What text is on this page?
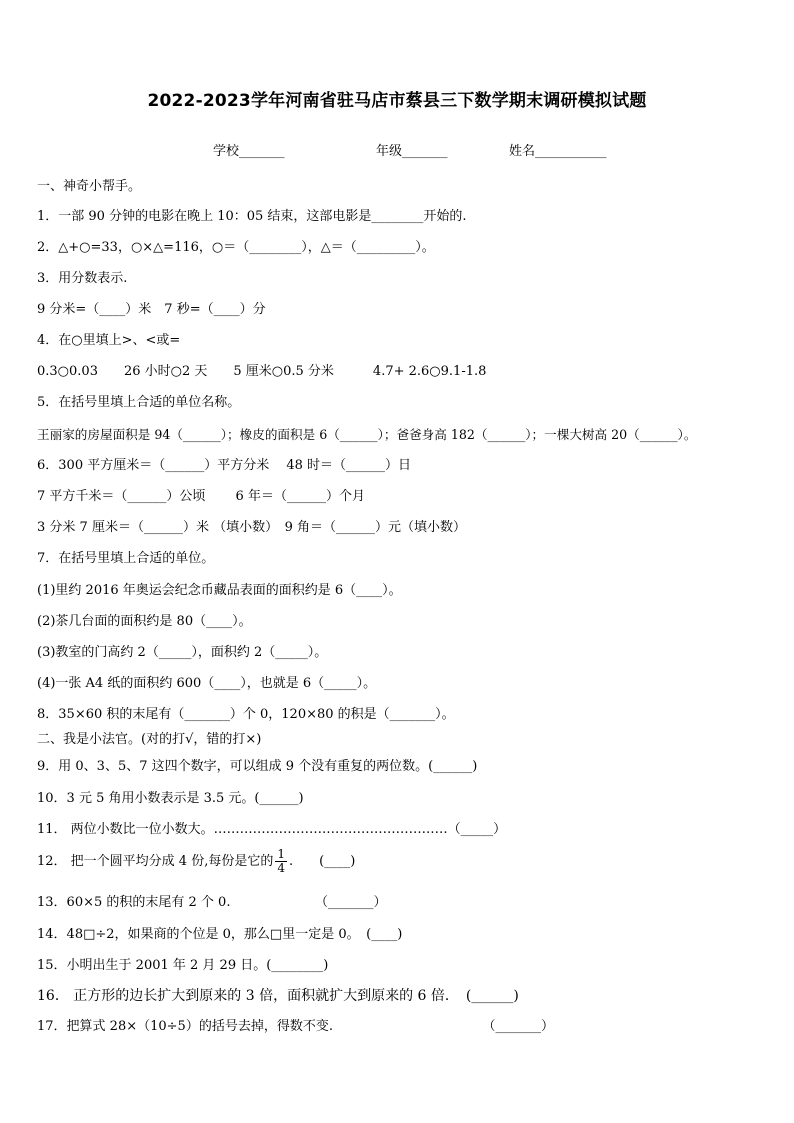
2022-2023学年河南省驻马店市蔡县三下数学期末调研模拟试题
学校_______	年级_______	姓名___________
一、神奇小帮手。
1．一部 90 分钟的电影在晚上 10：05 结束，这部电影是________开始的.
2．△+○=33，○×△=116，○＝（________），△＝（_________）。
3．用分数表示.
9 分米=（____）米　7 秒=（____）分
4．在○里填上>、<或=
0.3○0.03　　26 小时○2 天　　5 厘米○0.5 分米　　　4.7+ 2.6○9.1-1.8
5．在括号里填上合适的单位名称。
王丽家的房屋面积是 94（______）；橡皮的面积是 6（______）；爸爸身高 182（______）；一棵大树高 20（______）。
6．300 平方厘米＝（______）平方分米　 48 时＝（______）日
7 平方千米＝（______）公顷　　 6 年＝（______）个月
3 分米 7 厘米＝（______）米 （填小数）　9 角＝（______）元（填小数）
7．在括号里填上合适的单位。
(1)里约 2016 年奥运会纪念币藏品表面的面积约是 6（____）。
(2)茶几台面的面积约是 80（____）。
(3)教室的门高约 2（_____），面积约 2（_____）。
(4)一张 A4 纸的面积约 600（____），也就是 6（_____）。
8．35×60 积的末尾有（_______）个 0，120×80 的积是（_______）。
二、我是小法官。(对的打√，错的打×)
9．用 0、3、5、7 这四个数字，可以组成 9 个没有重复的两位数。(______)
10．3 元 5 角用小数表示是 3.5 元。(______)
11． 两位小数比一位小数大。………………………………………………（_____）
12． 把一个圆平均分成 4 份,每份是它的 $\frac{1}{4}$ .　　(____)
13．60×5 的积的末尾有 2 个 0.　　　　　　　（_______）
14．48□÷2，如果商的个位是 0，那么□里一定是 0。　(____)
15．小明出生于 2001 年 2 月 29 日。(________)
16． 正方形的边长扩大到原来的 3 倍，面积就扩大到原来的 6 倍．　(______)
17．把算式 28×（10÷5）的括号去掉，得数不变.　　　　　　　　　　　　（_______）
